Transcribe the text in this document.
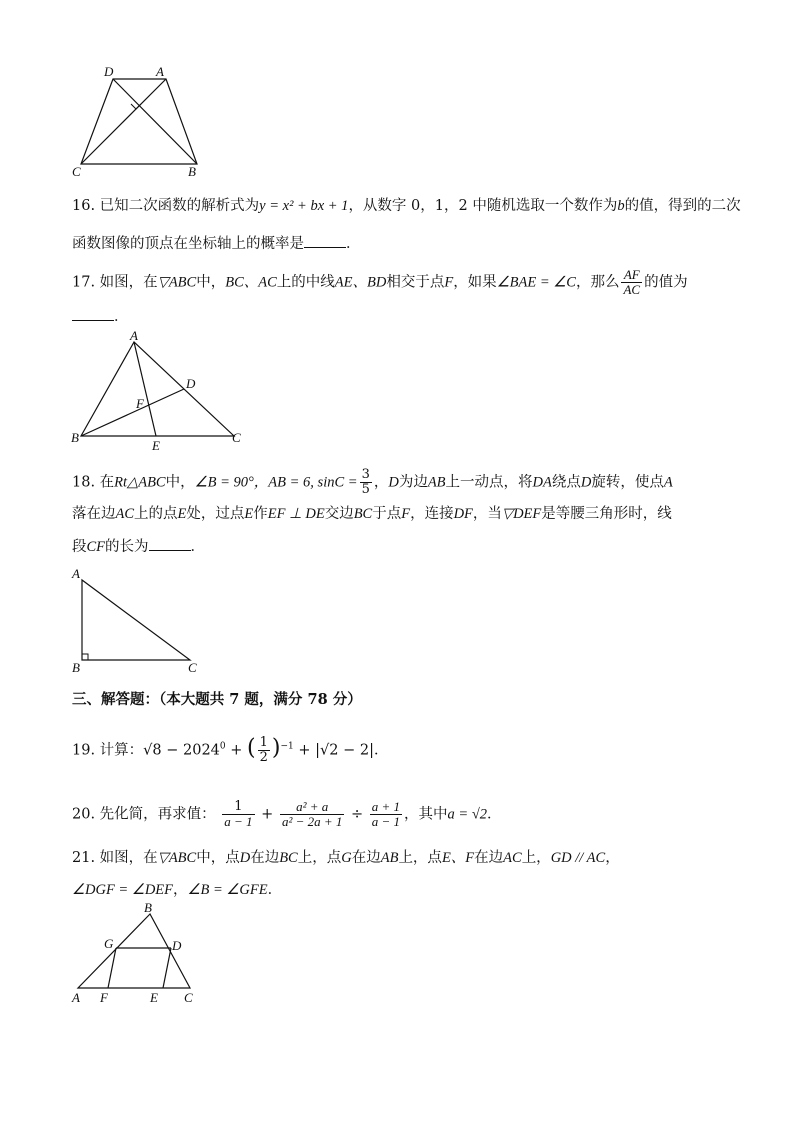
D	A
C	B
16. 已知二次函数的解析式为y = x² + bx + 1，从数字 0，1，2 中随机选取一个数作为b的值，得到的二次
函数图像的顶点在坐标轴上的概率是	．
17. 如图，在▽ABC中，BC、AC上的中线AE、BD相交于点F，如果∠BAE = ∠C，那么 $\frac{AF}{AC}$ 的值为
．
A
D
F
B
E
C
18. 在Rt△ABC中，∠B = 90°，AB = 6, $\sin C = \frac{3}{5}$ ，D为边AB上一动点，将DA绕点D旋转，使点A
落在边AC上的点E处，过点E作EF ⊥ DE交边BC于点F，连接DF，当▽DEF是等腰三角形时，线
段CF的长为	．
A
B	C
三、解答题：（本大题共 7 题，满分 78 分）
19. 计算：$√8 - 2024^0$ + ( $\frac{1}{2} )^{-1} + |√2 - 2|$．
20. 先化简，再求值： $\frac{1}{a - 1} + \frac{\text{a² + a}}{\text{a² − 2a + 1}} \div \frac{a + 1}{a - 1}$ ，其中a = √2．
21. 如图，在▽ABC中，点D在边BC上，点G在边AB上，点E、F在边AC上，GD // AC，
∠DGF = ∠DEF，∠B = ∠GFE．
B
G	D
A F	E C
